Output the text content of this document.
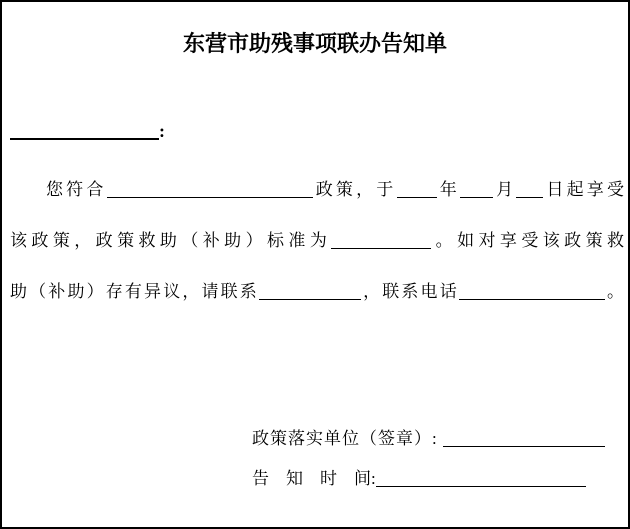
东营市助残事项联办告知单
:
您符合	政策，于 年 月 日起享受
该政策，政策救助（补助）标准为	。如对享受该政策救
助（补助）存有异议，请联系	，联系电话	。
政策落实单位（签章）:
告　知　时　间:
